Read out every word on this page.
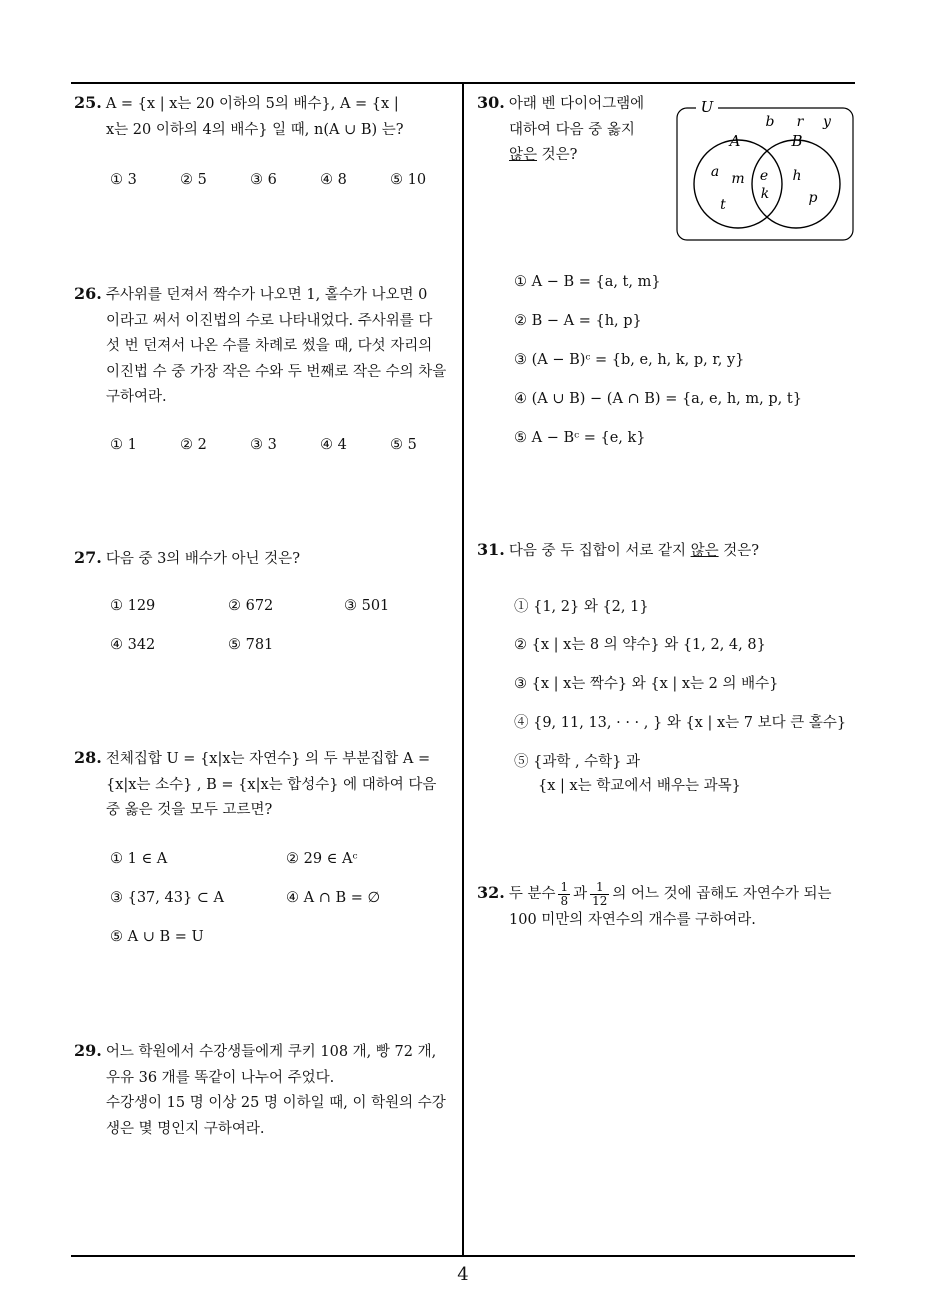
25. A = {x | x는 20 이하의 5의 배수}, A = {x |
x는 20 이하의 4의 배수} 일 때, n(A ∪ B) 는?
① 3	② 5	③ 6	④ 8	⑤ 10
26. 주사위를 던져서 짝수가 나오면 1, 홀수가 나오면 0
이라고 써서 이진법의 수로 나타내었다. 주사위를 다
섯 번 던져서 나온 수를 차례로 썼을 때, 다섯 자리의
이진법 수 중 가장 작은 수와 두 번째로 작은 수의 차을
구하여라.
① 1	② 2	③ 3	④ 4	⑤ 5
27. 다음 중 3의 배수가 아닌 것은?
① 129	② 672	③ 501
④ 342	⑤ 781
28. 전체집합 U = {x|x는 자연수} 의 두 부분집합 A =
{x|x는 소수} , B = {x|x는 합성수} 에 대하여 다음
중 옳은 것을 모두 고르면?
① 1 ∈ A	② 29 ∈ Aᶜ
③ {37, 43} ⊂ A	④ A ∩ B = ∅
⑤ A ∪ B = U
29. 어느 학원에서 수강생들에게 쿠키 108 개, 빵 72 개,
우유 36 개를 똑같이 나누어 주었다.
수강생이 15 명 이상 25 명 이하일 때, 이 학원의 수강
생은 몇 명인지 구하여라.
30. 아래 벤 다이어그램에
대하여 다음 중 옳지
않은 것은?
U
A	B
b r y
a m
t
e
k
h
p
① A − B = {a, t, m}
② B − A = {h, p}
③ (A − B)ᶜ = {b, e, h, k, p, r, y}
④ (A ∪ B) − (A ∩ B) = {a, e, h, m, p, t}
⑤ A − Bᶜ = {e, k}
31. 다음 중 두 집합이 서로 같지 않은 것은?
① {1, 2} 와 {2, 1}
② {x | x는 8 의 약수} 와 {1, 2, 4, 8}
③ {x | x는 짝수} 와 {x | x는 2 의 배수}
④ {9, 11, 13, · · · , } 와 {x | x는 7 보다 큰 홀수}
⑤ {과학 , 수학} 과
{x | x는 학교에서 배우는 과목}
32. 두 분수 $\frac{1}{8}$ 과 $\frac{1}{12}$ 의 어느 것에 곱해도 자연수가 되는
100 미만의 자연수의 개수를 구하여라.
4
